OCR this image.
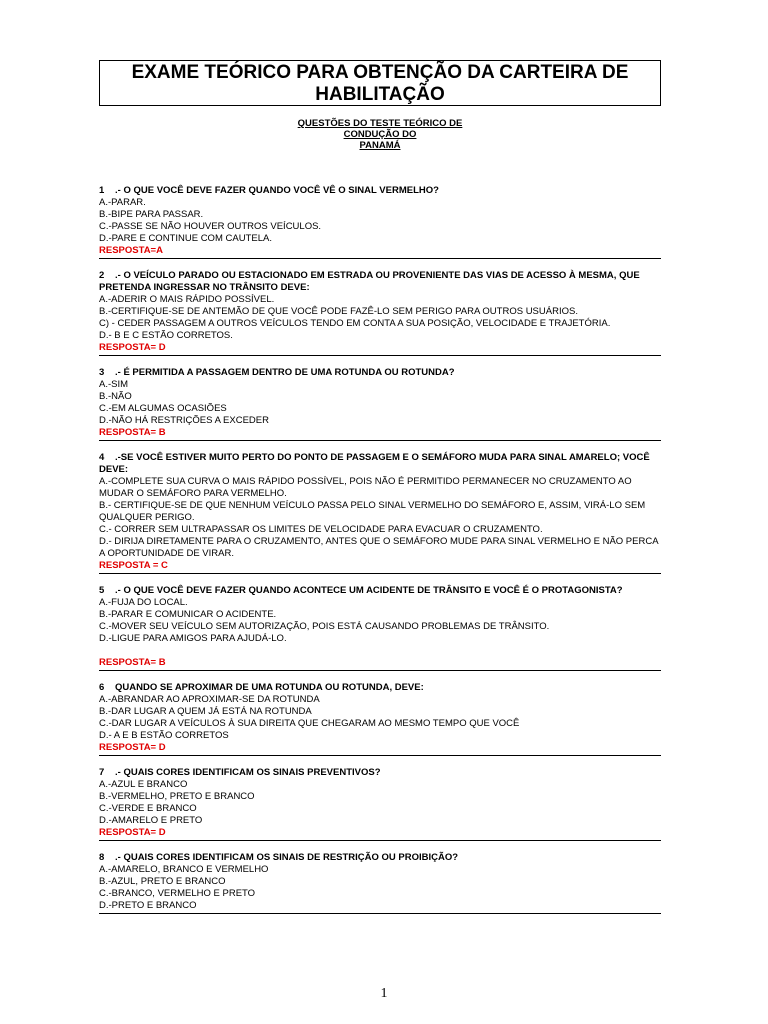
EXAME TEÓRICO PARA OBTENÇÃO DA CARTEIRA DE
HABILITAÇÃO
QUESTÕES DO TESTE TEÓRICO DE
CONDUÇÃO DO
PANAMÁ
1 .- O QUE VOCÊ DEVE FAZER QUANDO VOCÊ VÊ O SINAL VERMELHO?
A.-PARAR.
B.-BIPE PARA PASSAR.
C.-PASSE SE NÃO HOUVER OUTROS VEÍCULOS.
D.-PARE E CONTINUE COM CAUTELA.
RESPOSTA=A
2 .- O VEÍCULO PARADO OU ESTACIONADO EM ESTRADA OU PROVENIENTE DAS VIAS DE ACESSO À MESMA, QUE PRETENDA INGRESSAR NO TRÂNSITO DEVE:
A.-ADERIR O MAIS RÁPIDO POSSÍVEL.
B.-CERTIFIQUE-SE DE ANTEMÃO DE QUE VOCÊ PODE FAZÊ-LO SEM PERIGO PARA OUTROS USUÁRIOS.
C) - CEDER PASSAGEM A OUTROS VEÍCULOS TENDO EM CONTA A SUA POSIÇÃO, VELOCIDADE E TRAJETÓRIA.
D.- B E C ESTÃO CORRETOS.
RESPOSTA= D
3 .- É PERMITIDA A PASSAGEM DENTRO DE UMA ROTUNDA OU ROTUNDA?
A.-SIM
B.-NÃO
C.-EM ALGUMAS OCASIÕES
D.-NÃO HÁ RESTRIÇÕES A EXCEDER
RESPOSTA= B
4 .-SE VOCÊ ESTIVER MUITO PERTO DO PONTO DE PASSAGEM E O SEMÁFORO MUDA PARA SINAL AMARELO; VOCÊ DEVE:
A.-COMPLETE SUA CURVA O MAIS RÁPIDO POSSÍVEL, POIS NÃO É PERMITIDO PERMANECER NO CRUZAMENTO AO MUDAR O SEMÁFORO PARA VERMELHO.
B.- CERTIFIQUE-SE DE QUE NENHUM VEÍCULO PASSA PELO SINAL VERMELHO DO SEMÁFORO E, ASSIM, VIRÁ-LO SEM QUALQUER PERIGO.
C.- CORRER SEM ULTRAPASSAR OS LIMITES DE VELOCIDADE PARA EVACUAR O CRUZAMENTO.
D.- DIRIJA DIRETAMENTE PARA O CRUZAMENTO, ANTES QUE O SEMÁFORO MUDE PARA SINAL VERMELHO E NÃO PERCA A OPORTUNIDADE DE VIRAR.
RESPOSTA = C
5 .- O QUE VOCÊ DEVE FAZER QUANDO ACONTECE UM ACIDENTE DE TRÂNSITO E VOCÊ É O PROTAGONISTA?
A.-FUJA DO LOCAL.
B.-PARAR E COMUNICAR O ACIDENTE.
C.-MOVER SEU VEÍCULO SEM AUTORIZAÇÃO, POIS ESTÁ CAUSANDO PROBLEMAS DE TRÂNSITO.
D.-LIGUE PARA AMIGOS PARA AJUDÁ-LO.
RESPOSTA= B
6 QUANDO SE APROXIMAR DE UMA ROTUNDA OU ROTUNDA, DEVE:
A.-ABRANDAR AO APROXIMAR-SE DA ROTUNDA
B.-DAR LUGAR A QUEM JÁ ESTÁ NA ROTUNDA
C.-DAR LUGAR A VEÍCULOS À SUA DIREITA QUE CHEGARAM AO MESMO TEMPO QUE VOCÊ
D.- A E B ESTÃO CORRETOS
RESPOSTA= D
7 .- QUAIS CORES IDENTIFICAM OS SINAIS PREVENTIVOS?
A.-AZUL E BRANCO
B.-VERMELHO, PRETO E BRANCO
C.-VERDE E BRANCO
D.-AMARELO E PRETO
RESPOSTA= D
8 .- QUAIS CORES IDENTIFICAM OS SINAIS DE RESTRIÇÃO OU PROIBIÇÃO?
A.-AMARELO, BRANCO E VERMELHO
B.-AZUL, PRETO E BRANCO
C.-BRANCO, VERMELHO E PRETO
D.-PRETO E BRANCO
1
